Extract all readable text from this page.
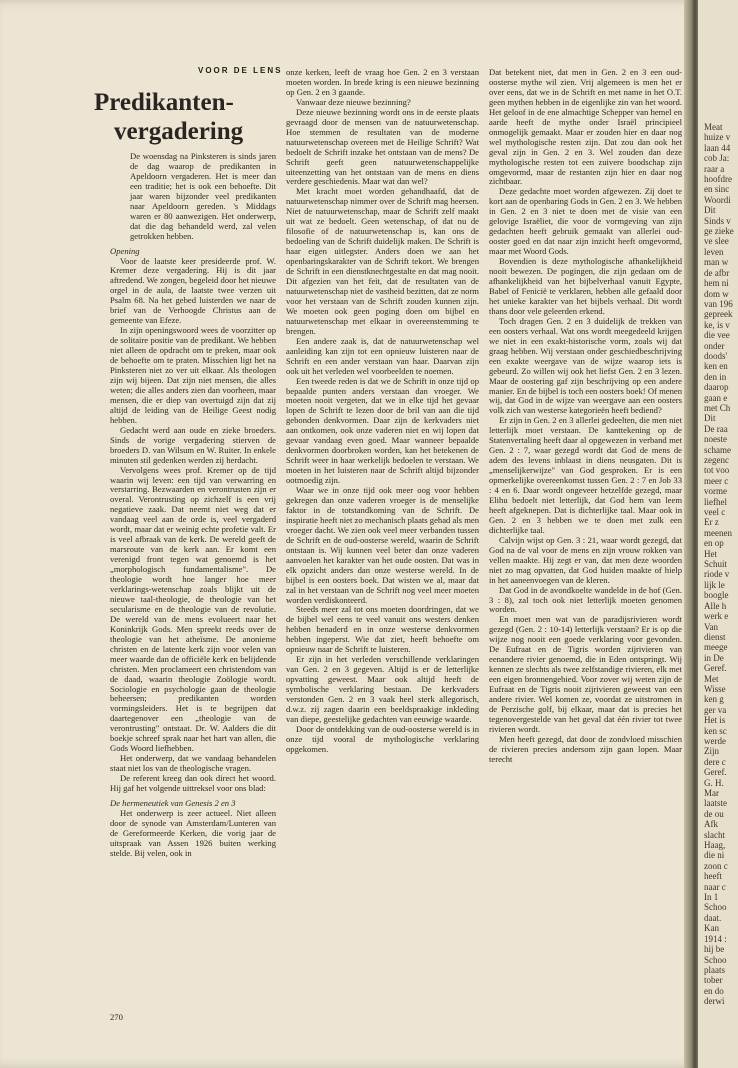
VOOR DE LENS
Predikanten-
vergadering

De woensdag na Pinksteren is sinds jaren de dag waarop de predikanten in Apeldoorn vergaderen. Het is meer dan een traditie; het is ook een behoefte. Dit jaar waren bijzonder veel predikanten naar Apeldoorn gereden. 's Middags waren er 80 aanwezigen. Het onderwerp, dat die dag behandeld werd, zal velen getrokken hebben.

Opening

Voor de laatste keer presideerde prof. W. Kremer deze vergadering. Hij is dit jaar aftredend. We zongen, begeleid door het nieuwe orgel in de aula, de laatste twee verzen uit Psalm 68. Na het gebed luisterden we naar de brief van de Verhoogde Christus aan de gemeente van Efeze.

In zijn openingswoord wees de voorzitter op de solitaire positie van de predikant. We hebben niet alleen de opdracht om te preken, maar ook de behoefte om te praten. Misschien ligt het na Pinksteren niet zo ver uit elkaar. Als theologen zijn wij bijeen. Dat zijn niet mensen, die alles weten; die alles anders zien dan voorheen, maar mensen, die er diep van overtuigd zijn dat zij altijd de leiding van de Heilige Geest nodig hebben.

Gedacht werd aan oude en zieke broeders. Sinds de vorige vergadering stierven de broeders D. van Wilsum en W. Ruiter. In enkele minuten stil gedenken werden zij herdacht.

Vervolgens wees prof. Kremer op de tijd waarin wij leven: een tijd van verwarring en verstarring. Bezwaarden en verontrusten zijn er overal. Verontrusting op zichzelf is een vrij negatieve zaak. Dat neemt niet weg dat er vandaag veel aan de orde is, veel vergaderd wordt, maar dat er weinig echte profetie valt. Er is veel afbraak van de kerk. De wereld geeft de marsroute van de kerk aan. Er komt een verenigd front tegen wat genoemd is het „morphologisch fundamentalisme". De theologie wordt hoe langer hoe meer verklarings-wetenschap zoals blijkt uit de nieuwe taal-theologie, de theologie van het secularisme en de theologie van de revolutie. De wereld van de mens evolueert naar het Koninkrijk Gods. Men spreekt reeds over de theologie van het atheïsme. De anonieme christen en de latente kerk zijn voor velen van meer waarde dan de officiële kerk en belijdende christen. Men proclameert een christendom van de daad, waarin theologie Zoölogie wordt. Sociologie en psychologie gaan de theologie beheersen; predikanten worden vormingsleiders. Het is te begrijpen dat daartegenover een „theologie van de verontrusting" ontstaat. Dr. W. Aalders die dit boekje schreef sprak naar het hart van allen, die Gods Woord liefhebben.

Het onderwerp, dat we vandaag behandelen staat niet los van de theologische vragen.

De referent kreeg dan ook direct het woord. Hij gaf het volgende uittreksel voor ons blad:

De hermeneutiek van Genesis 2 en 3

Het onderwerp is zeer actueel. Niet alleen door de synode van Amsterdam/Lunteren van de Gereformeerde Kerken, die vorig jaar de uitspraak van Assen 1926 buiten werking stelde. Bij velen, ook in

onze kerken, leeft de vraag hoe Gen. 2 en 3 verstaan moeten worden. In brede kring is een nieuwe bezinning op Gen. 2 en 3 gaande.

Vanwaar deze nieuwe bezinning?

Deze nieuwe bezinning wordt ons in de eerste plaats gevraagd door de mensen van de natuurwetenschap. Hoe stemmen de resultaten van de moderne natuurwetenschap overeen met de Heilige Schrift? Wat bedoelt de Schrift inzake het ontstaan van de mens? De Schrift geeft geen natuurwetenschappelijke uiteenzetting van het ontstaan van de mens en diens verdere geschiedenis. Maar wat dan wel?

Met kracht moet worden gehandhaafd, dat de natuurwetenschap nimmer over de Schrift mag heersen. Niet de natuurwetenschap, maar de Schrift zelf maakt uit wat ze bedoelt. Geen wetenschap, of dat nu de filosofie of de natuurwetenschap is, kan ons de bedoeling van de Schrift duidelijk maken. De Schrift is haar eigen uitlegster. Anders doen we aan het openbaringskarakter van de Schrift tekort. We brengen de Schrift in een dienstknechtgestalte en dat mag nooit. Dit afgezien van het feit, dat de resultaten van de natuurwetenschap niet de vastheid bezitten, dat ze norm voor het verstaan van de Schrift zouden kunnen zijn. We moeten ook geen poging doen om bijbel en natuurwetenschap met elkaar in overeenstemming te brengen.

Een andere zaak is, dat de natuurwetenschap wel aanleiding kan zijn tot een opnieuw luisteren naar de Schrift en een ander verstaan van haar. Daarvan zijn ook uit het verleden wel voorbeelden te noemen.

Een tweede reden is dat we de Schrift in onze tijd op bepaalde punten anders verstaan dan vroeger. We moeten nooit vergeten, dat we in elke tijd het gevaar lopen de Schrift te lezen door de bril van aan die tijd gebonden denkvormen. Daar zijn de kerkvaders niet aan ontkomen, ook onze vaderen niet en wij lopen dat gevaar vandaag even goed. Maar wanneer bepaalde denkvormen doorbroken worden, kan het betekenen de Schrift weer in haar werkelijk bedoelen te verstaan. We moeten in het luisteren naar de Schrift altijd bijzonder ootmoedig zijn.

Waar we in onze tijd ook meer oog voor hebben gekregen dan onze vaderen vroeger is de menselijke faktor in de totstandkoming van de Schrift. De inspiratie heeft niet zo mechanisch plaats gehad als men vroeger dacht. We zien ook veel meer verbanden tussen de Schrift en de oud-oosterse wereld, waarin de Schrift ontstaan is. Wij kunnen veel beter dan onze vaderen aanvoelen het karakter van het oude oosten. Dat was in elk opzicht anders dan onze westerse wereld. In de bijbel is een oosters boek. Dat wisten we al, maar dat zal in het verstaan van de Schrift nog veel meer moeten worden verdiskonteerd.

Steeds meer zal tot ons moeten doordringen, dat we de bijbel wel eens te veel vanuit ons westers denken hebben benaderd en in onze westerse denkvormen hebben ingeperst. Wie dat ziet, heeft behoefte om opnieuw naar de Schrift te luisteren.

Er zijn in het verleden verschillende verklaringen van Gen. 2 en 3 gegeven. Altijd is er de letterlijke opvatting geweest. Maar ook altijd heeft de symbolische verklaring bestaan. De kerkvaders verstonden Gen. 2 en 3 vaak heel sterk allegorisch, d.w.z. zij zagen daarin een beeldspraakige inkleding van diepe, geestelijke gedachten van eeuwige waarde.

Door de ontdekking van de oud-oosterse wereld is in onze tijd vooral de mythologische verklaring opgekomen.

Dat betekent niet, dat men in Gen. 2 en 3 een oud-oosterse mythe wil zien. Vrij algemeen is men het er over eens, dat we in de Schrift en met name in het O.T. geen mythen hebben in de eigenlijke zin van het woord. Het geloof in de ene almachtige Schepper van hemel en aarde heeft de mythe onder Israël principieel onmogelijk gemaakt. Maar er zouden hier en daar nog wel mythologische resten zijn. Dat zou dan ook het geval zijn in Gen. 2 en 3. Wel zouden dan deze mythologische resten tot een zuivere boodschap zijn omgevormd, maar de restanten zijn hier en daar nog zichtbaar.

Deze gedachte moet worden afgewezen. Zij doet te kort aan de openbaring Gods in Gen. 2 en 3. We hebben in Gen. 2 en 3 niet te doen met de visie van een gelovige Israëliet, die voor de vormgeving van zijn gedachten heeft gebruik gemaakt van allerlei oud-ooster goed en dat naar zijn inzicht heeft omgevormd, maar met Woord Gods.

Bovendien is deze mythologische afhankelijkheid nooit bewezen. De pogingen, die zijn gedaan om de afhankelijkheid van het bijbelverhaal vanuit Egypte, Babel of Fenicië te verklaren, hebben alle gefaald door het unieke karakter van het bijbels verhaal. Dit wordt thans door vele geleerden erkend.

Toch dragen Gen. 2 en 3 duidelijk de trekken van een oosters verhaal. Wat ons wordt meegedeeld krijgen we niet in een exakt-historische vorm, zoals wij dat graag hebben. Wij verstaan onder geschiedbeschrijving een exakte weergave van de wijze waarop iets is gebeurd. Zo willen wij ook het liefst Gen. 2 en 3 lezen. Maar de oostering gaf zijn beschrijving op een andere manier. En de bijbel is toch een oosters boek! Of menen wij, dat God in de wijze van weergave aan een oosters volk zich van westerse kategorieën heeft bediend?

Er zijn in Gen. 2 en 3 allerlei gedeelten, die men niet letterlijk moet verstaan. De kanttekening op de Statenvertaling heeft daar al opgewezen in verband met Gen. 2 : 7, waar gezegd wordt dat God de mens de adem des levens inblaast in diens neusgaten. Dit is „menselijkerwijze" van God gesproken. Er is een opmerkelijke overeenkomst tussen Gen. 2 : 7 en Job 33 : 4 en 6. Daar wordt ongeveer hetzelfde gezegd, maar Elihu bedoelt niet letterlijk, dat God hem van leem heeft afgeknepen. Dat is dichterlijke taal. Maar ook in Gen. 2 en 3 hebben we te doen met zulk een dichterlijke taal.

Calvijn wijst op Gen. 3 : 21, waar wordt gezegd, dat God na de val voor de mens en zijn vrouw rokken van vellen maakte. Hij zegt er van, dat men deze woorden niet zo mag opvatten, dat God huiden maakte of hielp in het aaneenvoegen van de kleren.

Dat God in de avondkoelte wandelde in de hof (Gen. 3 : 8), zal toch ook niet letterlijk moeten genomen worden.

En moet men wat van de paradijsrivieren wordt gezegd (Gen. 2 : 10-14) letterlijk verstaan? Er is op die wijze nog nooit een goede verklaring voor gevonden. De Eufraat en de Tigris worden zijrivieren van eenandere rivier genoemd, die in Eden ontspringt. Wij kennen ze slechts als twee zelfstandige rivieren, elk met een eigen bronnengebied. Voor zover wij weten zijn de Eufraat en de Tigris nooit zijrivieren geweest van een andere rivier. Wel komen ze, voordat ze uitstromen in de Perzische golf, bij elkaar, maar dat is precies het tegenovergestelde van het geval dat één rivier tot twee rivieren wordt.

Men heeft gezegd, dat door de zondvloed misschien de rivieren precies andersom zijn gaan lopen. Maar terecht

270
Meat
huize v
laan 44
cob Ja:
raar a
hoofdre
en sinc
Woordi
Dit
Sinds v
ge zieke
ve slee
leven
man w
de afbr
hem ni
dom w
van 196
gepreek
ke, is v
die vee
onder
doods'
ken en
den in
daarop
gaan e
met Ch
Dit
De raa
noeste
schame
zegenc
tot voo
meer c
vorme
liefhel
veel c
Er z
meenen
en op
Het
Schuit
riode v
lijk le
boogle
Alle h
werk e
Van
dienst
meege
in De
Geref.
Met
Wisse
ken g
ger va
Het is
ken sc
werde
Zijn
dere c
Geref.
G. H.
Mar
laatste
de ou
Afk
slacht
Haag,
die ni
zoon c
heeft
naar c
In 1
Schoo
daat.
Kan
1914 :
hij be
Schoo
plaats
tober
en do
derwi
